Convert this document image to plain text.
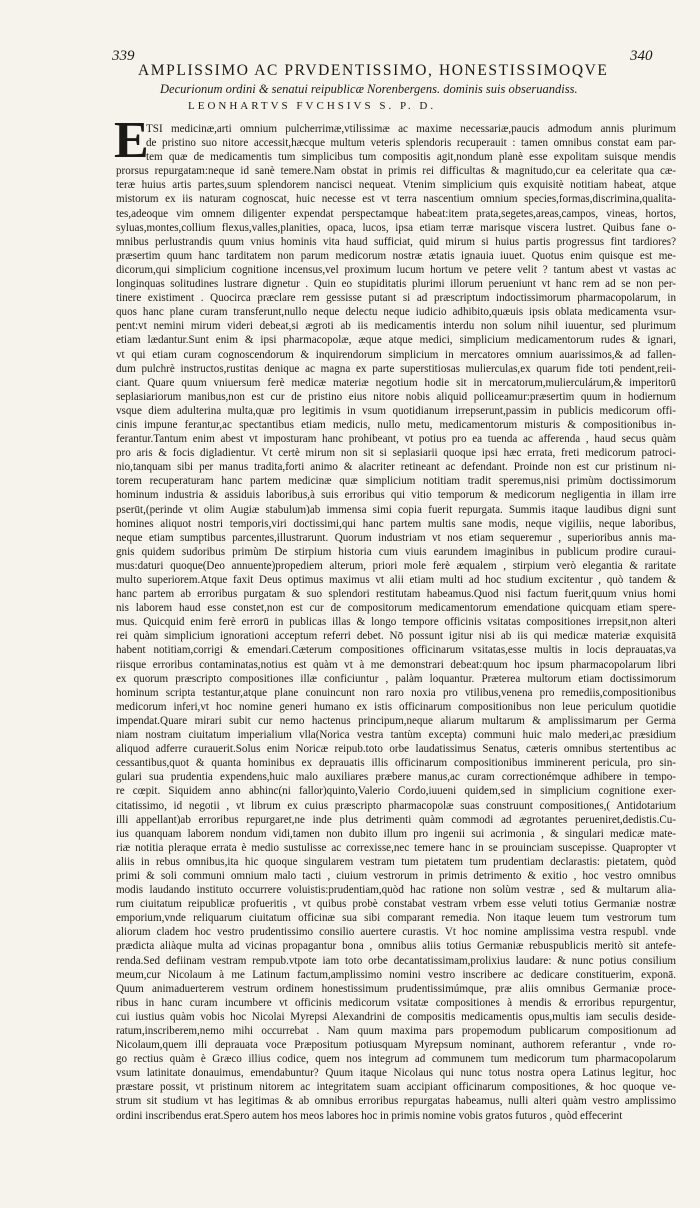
339	340
AMPLISSIMO AC PRVDENTISSIMO, HONESTISSIMOQVE
Decurionum ordini & senatui reipublicæ Norenbergens. dominis suis obseruandiss.
LEONHARTVS FVCHSIVS S. P. D.
E
TSI medicinæ,arti omnium pulcherrimæ,vtilissimæ ac maxime necessariæ,paucis admodum annis plurimum
de pristino suo nitore accessit,hæcque multum veteris splendoris recuperauit : tamen omnibus constat eam par-
tem quæ de medicamentis tum simplicibus tum compositis agit,nondum planè esse expolitam suisque mendis
prorsus repurgatam:neque id sanè temere.Nam obstat in primis rei difficultas & magnitudo,cur ea celeritate qua cæ-
teræ huius artis partes,suum splendorem nancisci nequeat. Vtenim simplicium quis exquisitè notitiam habeat, atque
mistorum ex iis naturam cognoscat, huic necesse est vt terra nascentium omnium species,formas,discrimina,qualita-
tes,adeoque vim omnem diligenter expendat perspectamque habeat:item prata,segetes,areas,campos, vineas, hortos,
syluas,montes,collium flexus,valles,planities, opaca, lucos, ipsa etiam terræ marisque viscera lustret. Quibus fane o-
mnibus perlustrandis quum vnius hominis vita haud sufficiat, quid mirum si huius partis progressus fint tardiores?
præsertim quum hanc tarditatem non parum medicorum nostræ ætatis ignauia iuuet. Quotus enim quisque est me-
dicorum,qui simplicium cognitione incensus,vel proximum lucum hortum ve petere velit ? tantum abest vt vastas ac
longinquas solitudines lustrare dignetur . Quin eo stupiditatis plurimi illorum perueniunt vt hanc rem ad se non per-
tinere existiment . Quocirca præclare rem gessisse putant si ad præscriptum indoctissimorum pharmacopolarum, in
quos hanc plane curam transferunt,nullo neque delectu neque iudicio adhibito,quæuis ipsis oblata medicamenta vsur-
pent:vt nemini mirum videri debeat,si ægroti ab iis medicamentis interdu non solum nihil iuuentur, sed plurimum
etiam lædantur.Sunt enim & ipsi pharmacopolæ, æque atque medici, simplicium medicamentorum rudes & ignari,
vt qui etiam curam cognoscendorum & inquirendorum simplicium in mercatores omnium auarissimos,& ad fallen-
dum pulchrè instructos,rustitas denique ac magna ex parte superstitiosas mulierculas,ex quarum fide toti pendent,reii-
ciant. Quare quum vniuersum ferè medicæ materiæ negotium hodie sit in mercatorum,mulierculárum,& imperitorū
seplasiariorum manibus,non est cur de pristino eius nitore nobis aliquid polliceamur:præsertim quum in hodiernum
vsque diem adulterina multa,quæ pro legitimis in vsum quotidianum irrepserunt,passim in publicis medicorum offi-
cinis impune ferantur,ac spectantibus etiam medicis, nullo metu, medicamentorum misturis & compositionibus in-
ferantur.Tantum enim abest vt imposturam hanc prohibeant, vt potius pro ea tuenda ac afferenda , haud secus quàm
pro aris & focis digladientur. Vt certè mirum non sit si seplasiarii quoque ipsi hæc errata, freti medicorum patroci-
nio,tanquam sibi per manus tradita,forti animo & alacriter retineant ac defendant. Proinde non est cur pristinum ni-
torem recuperaturam hanc partem medicinæ quæ simplicium notitiam tradit speremus,nisi primùm doctissimorum
hominum industria & assiduis laboribus,à suis erroribus qui vitio temporum & medicorum negligentia in illam irre
pserūt,(perinde vt olim Augiæ stabulum)ab immensa simi copia fuerit repurgata. Summis itaque laudibus digni sunt
homines aliquot nostri temporis,viri doctissimi,qui hanc partem multis sane modis, neque vigiliis, neque laboribus,
neque etiam sumptibus parcentes,illustrarunt. Quorum industriam vt nos etiam sequeremur , superioribus annis ma-
gnis quidem sudoribus primùm De stirpium historia cum viuis earundem imaginibus in publicum prodire curaui-
mus:daturi quoque(Deo annuente)propediem alterum, priori mole ferè æqualem , stirpium verò elegantia & raritate
multo superiorem.Atque faxit Deus optimus maximus vt alii etiam multi ad hoc studium excitentur , quò tandem &
hanc partem ab erroribus purgatam & suo splendori restitutam habeamus.Quod nisi factum fuerit,quum vnius homi
nis laborem haud esse constet,non est cur de compositorum medicamentorum emendatione quicquam etiam spere-
mus. Quicquid enim ferè errorū in publicas illas & longo tempore officinis vsitatas compositiones irrepsit,non alteri
rei quàm simplicium ignorationi acceptum referri debet. Nō possunt igitur nisi ab iis qui medicæ materiæ exquisitā
habent notitiam,corrigi & emendari.Cæterum compositiones officinarum vsitatas,esse multis in locis deprauatas,va
riisque erroribus contaminatas,notius est quàm vt à me demonstrari debeat:quum hoc ipsum pharmacopolarum libri
ex quorum præscripto compositiones illæ conficiuntur , palàm loquantur. Præterea multorum etiam doctissimorum
hominum scripta testantur,atque plane conuincunt non raro noxia pro vtilibus,venena pro remediis,compositionibus
medicorum inferi,vt hoc nomine generi humano ex istis officinarum compositionibus non leue periculum quotidie
impendat.Quare mirari subit cur nemo hactenus principum,neque aliarum multarum & amplissimarum per Germa
niam nostram ciuitatum imperialium vlla(Norica vestra tantùm excepta) communi huic malo mederi,ac præsidium
aliquod adferre curauerit.Solus enim Noricæ reipub.toto orbe laudatissimus Senatus, cæteris omnibus stertentibus ac
cessantibus,quot & quanta hominibus ex deprauatis illis officinarum compositionibus imminerent pericula, pro sin-
gulari sua prudentia expendens,huic malo auxiliares præbere manus,ac curam correctionémque adhibere in tempo-
re cœpit. Siquidem anno abhinc(ni fallor)quinto,Valerio Cordo,iuueni quidem,sed in simplicium cognitione exer-
citatissimo, id negotii , vt librum ex cuius præscripto pharmacopolæ suas construunt compositiones,( Antidotarium
illi appellant)ab erroribus repurgaret,ne inde plus detrimenti quàm commodi ad ægrotantes perueniret,dedistis.Cu-
ius quanquam laborem nondum vidi,tamen non dubito illum pro ingenii sui acrimonia , & singulari medicæ mate-
riæ notitia pleraque errata è medio sustulisse ac correxisse,nec temere hanc in se prouinciam suscepisse. Quapropter vt
aliis in rebus omnibus,ita hic quoque singularem vestram tum pietatem tum prudentiam declarastis: pietatem, quòd
primi & soli communi omnium malo tacti , ciuium vestrorum in primis detrimento & exitio , hoc vestro omnibus
modis laudando instituto occurrere voluistis:prudentiam,quòd hac ratione non solùm vestræ , sed & multarum alia-
rum ciuitatum reipublicæ profueritis , vt quibus probè constabat vestram vrbem esse veluti totius Germaniæ nostræ
emporium,vnde reliquarum ciuitatum officinæ sua sibi comparant remedia. Non itaque leuem tum vestrorum tum
aliorum cladem hoc vestro prudentissimo consilio auertere curastis. Vt hoc nomine amplissima vestra respubl. vnde
prædicta aliàque multa ad vicinas propagantur bona , omnibus aliis totius Germaniæ rebuspublicis meritò sit antefe-
renda.Sed defiinam vestram rempub.vtpote iam toto orbe decantatissimam,prolixius laudare: & nunc potius consilium
meum,cur Nicolaum à me Latinum factum,amplissimo nomini vestro inscribere ac dedicare constituerim, exponā.
Quum animaduerterem vestrum ordinem honestissimum prudentissimúmque, præ aliis omnibus Germaniæ proce-
ribus in hanc curam incumbere vt officinis medicorum vsitatæ compositiones à mendis & erroribus repurgentur,
cui iustius quàm vobis hoc Nicolai Myrepsi Alexandrini de compositis medicamentis opus,multis iam seculis deside-
ratum,inscriberem,nemo mihi occurrebat . Nam quum maxima pars propemodum publicarum compositionum ad
Nicolaum,quem illi deprauata voce Præpositum potiusquam Myrepsum nominant, authorem referantur , vnde ro-
go rectius quàm è Græco illius codice, quem nos integrum ad communem tum medicorum tum pharmacopolarum
vsum latinitate donauimus, emendabuntur? Quum itaque Nicolaus qui nunc totus nostra opera Latinus legitur, hoc
præstare possit, vt pristinum nitorem ac integritatem suam accipiant officinarum compositiones, & hoc quoque ve-
strum sit studium vt has legitimas & ab omnibus erroribus repurgatas habeamus, nulli alteri quàm vestro amplissimo
ordini inscribendus erat.Spero autem hos meos labores hoc in primis nomine vobis gratos futuros , quòd effecerint
